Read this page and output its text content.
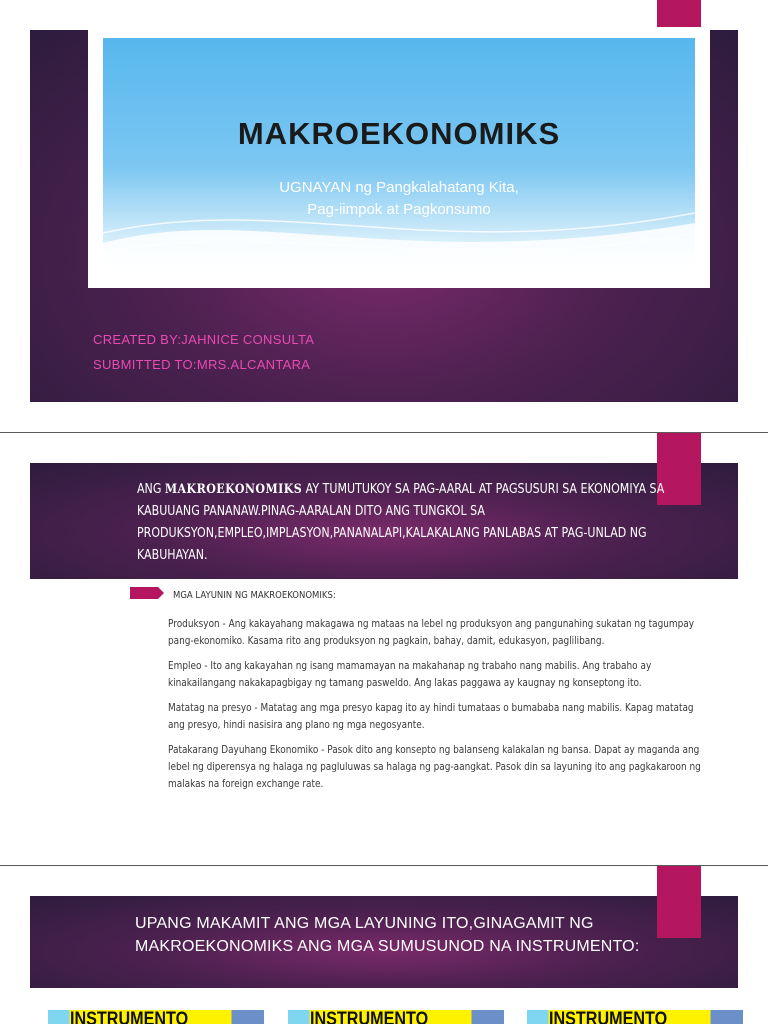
MAKROEKONOMIKS
UGNAYAN ng Pangkalahatang Kita,
Pag-iimpok at Pagkonsumo
CREATED BY:JAHNICE CONSULTA
SUBMITTED TO:MRS.ALCANTARA
ANG MAKROEKONOMIKS AY TUMUTUKOY SA PAG-AARAL AT PAGSUSURI SA EKONOMIYA SA KABUUANG PANANAW.PINAG-AARALAN DITO ANG TUNGKOL SA PRODUKSYON,EMPLEO,IMPLASYON,PANANALAPI,KALAKALANG PANLABAS AT PAG-UNLAD NG KABUHAYAN.
MGA LAYUNIN NG MAKROEKONOMIKS:
Produksyon - Ang kakayahang makagawa ng mataas na lebel ng produksyon ang pangunahing sukatan ng tagumpay pang-ekonomiko. Kasama rito ang produksyon ng pagkain, bahay, damit, edukasyon, paglilibang.
Empleo - Ito ang kakayahan ng isang mamamayan na makahanap ng trabaho nang mabilis. Ang trabaho ay kinakailangang nakakapagbigay ng tamang pasweldo. Ang lakas paggawa ay kaugnay ng konseptong ito.
Matatag na presyo - Matatag ang mga presyo kapag ito ay hindi tumataas o bumababa nang mabilis. Kapag matatag ang presyo, hindi nasisira ang plano ng mga negosyante.
Patakarang Dayuhang Ekonomiko - Pasok dito ang konsepto ng balanseng kalakalan ng bansa. Dapat ay maganda ang lebel ng diperensya ng halaga ng pagluluwas sa halaga ng pag-aangkat. Pasok din sa layuning ito ang pagkakaroon ng malakas na foreign exchange rate.
UPANG MAKAMIT ANG MGA LAYUNING ITO,GINAGAMIT NG
MAKROEKONOMIKS ANG MGA SUMUSUNOD NA INSTRUMENTO:
INSTRUMENTO	INSTRUMENTO	INSTRUMENTO
